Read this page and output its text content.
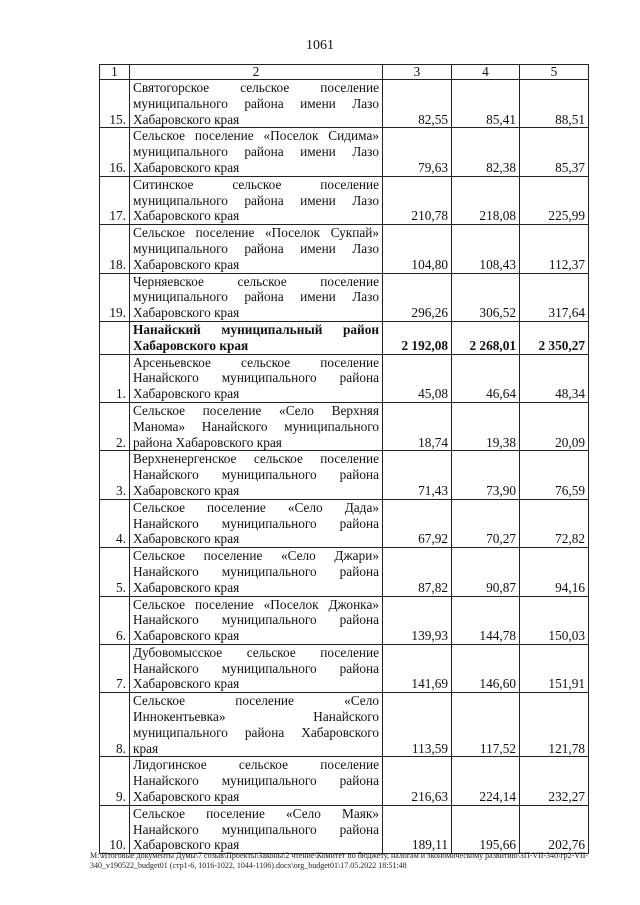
1061
1	2	3	4	5
15.	Святогорское сельское поселение муниципального района имени Лазо Хабаровского края	82,55	85,41	88,51
16.	Сельское поселение «Поселок Сидима» муниципального района имени Лазо Хабаровского края	79,63	82,38	85,37
17.	Ситинское сельское поселение муниципального района имени Лазо Хабаровского края	210,78	218,08	225,99
18.	Сельское поселение «Поселок Сукпай» муниципального района имени Лазо Хабаровского края	104,80	108,43	112,37
19.	Черняевское сельское поселение муниципального района имени Лазо Хабаровского края	296,26	306,52	317,64
	Нанайский муниципальный район Хабаровского края	2 192,08	2 268,01	2 350,27
1.	Арсеньевское сельское поселение Нанайского муниципального района Хабаровского края	45,08	46,64	48,34
2.	Сельское поселение «Село Верхняя Манома» Нанайского муниципального района Хабаровского края	18,74	19,38	20,09
3.	Верхненергенское сельское поселение Нанайского муниципального района Хабаровского края	71,43	73,90	76,59
4.	Сельское поселение «Село Дада» Нанайского муниципального района Хабаровского края	67,92	70,27	72,82
5.	Сельское поселение «Село Джари» Нанайского муниципального района Хабаровского края	87,82	90,87	94,16
6.	Сельское поселение «Поселок Джонка» Нанайского муниципального района Хабаровского края	139,93	144,78	150,03
7.	Дубовомысское сельское поселение Нанайского муниципального района Хабаровского края	141,69	146,60	151,91
8.	Сельское поселение «Село Иннокентьевка» Нанайского муниципального района Хабаровского края	113,59	117,52	121,78
9.	Лидогинское сельское поселение Нанайского муниципального района Хабаровского края	216,63	224,14	232,27
10.	Сельское поселение «Село Маяк» Нанайского муниципального района Хабаровского края	189,11	195,66	202,76
M:\Итоговые документы Думы\7 созыв\Проекты\Законы\2 чтение\Комитет по бюджету, налогам и экономическому развитию\ЗП-VII-340\гр2-VII-340_v190522_budget01 (стр1-6, 1016-1022, 1044-1106).docx\org_budget01\17.05.2022 18:51:48
